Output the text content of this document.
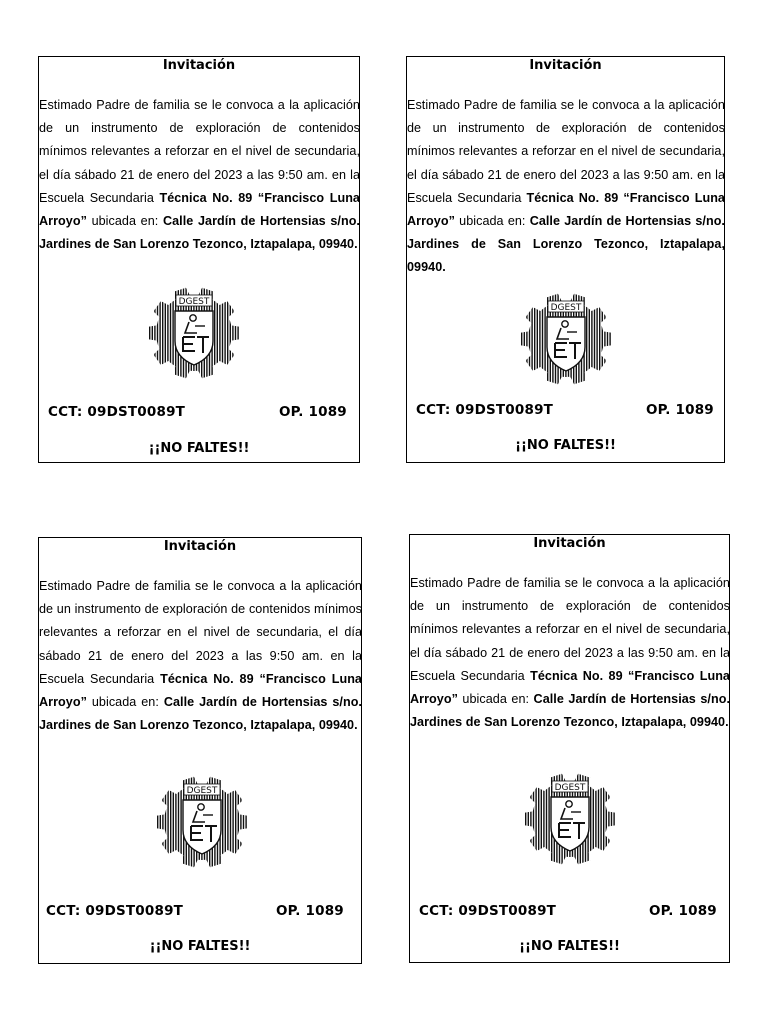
Invitación
Estimado Padre de familia se le convoca a la aplicación de un instrumento de exploración de contenidos mínimos relevantes a reforzar en el nivel de secundaria, el día sábado 21 de enero del 2023 a las 9:50 am. en la Escuela Secundaria Técnica No. 89 “Francisco Luna Arroyo” ubicada en: Calle Jardín de Hortensias s/no. Jardines de San Lorenzo Tezonco, Iztapalapa, 09940.
DGEST
CCT: 09DST0089T	OP. 1089
¡¡NO FALTES!!
Invitación
Estimado Padre de familia se le convoca a la aplicación de un instrumento de exploración de contenidos mínimos relevantes a reforzar en el nivel de secundaria, el día sábado 21 de enero del 2023 a las 9:50 am. en la Escuela Secundaria Técnica No. 89 “Francisco Luna Arroyo” ubicada en: Calle Jardín de Hortensias s/no. Jardines de San Lorenzo Tezonco, Iztapalapa, 09940.
DGEST
CCT: 09DST0089T	OP. 1089
¡¡NO FALTES!!
Invitación
Estimado Padre de familia se le convoca a la aplicación de un instrumento de exploración de contenidos mínimos relevantes a reforzar en el nivel de secundaria, el día sábado 21 de enero del 2023 a las 9:50 am. en la Escuela Secundaria Técnica No. 89 “Francisco Luna Arroyo” ubicada en: Calle Jardín de Hortensias s/no. Jardines de San Lorenzo Tezonco, Iztapalapa, 09940.
DGEST
CCT: 09DST0089T	OP. 1089
¡¡NO FALTES!!
Invitación
Estimado Padre de familia se le convoca a la aplicación de un instrumento de exploración de contenidos mínimos relevantes a reforzar en el nivel de secundaria, el día sábado 21 de enero del 2023 a las 9:50 am. en la Escuela Secundaria Técnica No. 89 “Francisco Luna Arroyo” ubicada en: Calle Jardín de Hortensias s/no. Jardines de San Lorenzo Tezonco, Iztapalapa, 09940.
DGEST
CCT: 09DST0089T	OP. 1089
¡¡NO FALTES!!
